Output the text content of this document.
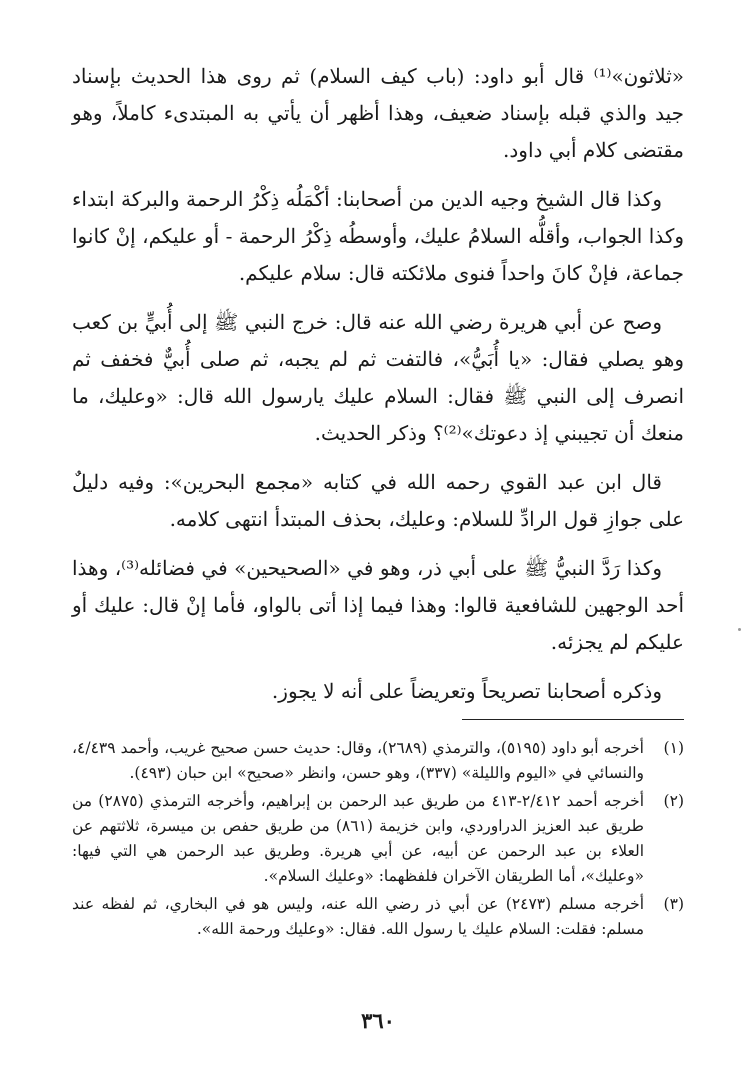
«ثلاثون»⁽¹⁾ قال أبو داود: (باب كيف السلام) ثم روى هذا الحديث بإسناد جيد والذي قبله بإسناد ضعيف، وهذا أظهر أن يأتي به المبتدىء كاملاً، وهو مقتضى كلام أبي داود.

وكذا قال الشيخ وجيه الدين من أصحابنا: أكْمَلُه ذِكْرُ الرحمة والبركة ابتداء وكذا الجواب، وأقلُّه السلامُ عليك، وأوسطُه ذِكْرُ الرحمة - أو عليكم، إنْ كانوا جماعة، فإنْ كانَ واحداً فنوى ملائكته قال: سلام عليكم.

وصح عن أبي هريرة رضي الله عنه قال: خرج النبي ﷺ إلى أُبيٍّ بن كعب وهو يصلي فقال: «يا أُبَيُّ»، فالتفت ثم لم يجبه، ثم صلى أُبيٌّ فخفف ثم انصرف إلى النبي ﷺ فقال: السلام عليك يارسول الله قال: «وعليك، ما منعك أن تجيبني إذ دعوتك»⁽²⁾؟ وذكر الحديث.

قال ابن عبد القوي رحمه الله في كتابه «مجمع البحرين»: وفيه دليلٌ على جوازِ قول الرادِّ للسلام: وعليك، بحذف المبتدأ انتهى كلامه.

وكذا رَدَّ النبيُّ ﷺ على أبي ذر، وهو في «الصحيحين» في فضائله⁽³⁾، وهذا أحد الوجهين للشافعية قالوا: وهذا فيما إذا أتى بالواو، فأما إنْ قال: عليك أو عليكم لم يجزئه.

وذكره أصحابنا تصريحاً وتعريضاً على أنه لا يجوز.

(١)
أخرجه أبو داود (٥١٩٥)، والترمذي (٢٦٨٩)، وقال: حديث حسن صحيح غريب، وأحمد ٤/٤٣٩، والنسائي في «اليوم والليلة» (٣٣٧)، وهو حسن، وانظر «صحيح» ابن حبان (٤٩٣).
(٢)
أخرجه أحمد ٢/٤١٢-٤١٣ من طريق عبد الرحمن بن إبراهيم، وأخرجه الترمذي (٢٨٧٥) من طريق عبد العزيز الدراوردي، وابن خزيمة (٨٦١) من طريق حفص بن ميسرة، ثلاثتهم عن العلاء بن عبد الرحمن عن أبيه، عن أبي هريرة. وطريق عبد الرحمن هي التي فيها: «وعليك»، أما الطريقان الآخران فلفظهما: «وعليك السلام».
(٣)
أخرجه مسلم (٢٤٧٣) عن أبي ذر رضي الله عنه، وليس هو في البخاري، ثم لفظه عند مسلم: فقلت: السلام عليك يا رسول الله. فقال: «وعليك ورحمة الله».
٣٦٠
